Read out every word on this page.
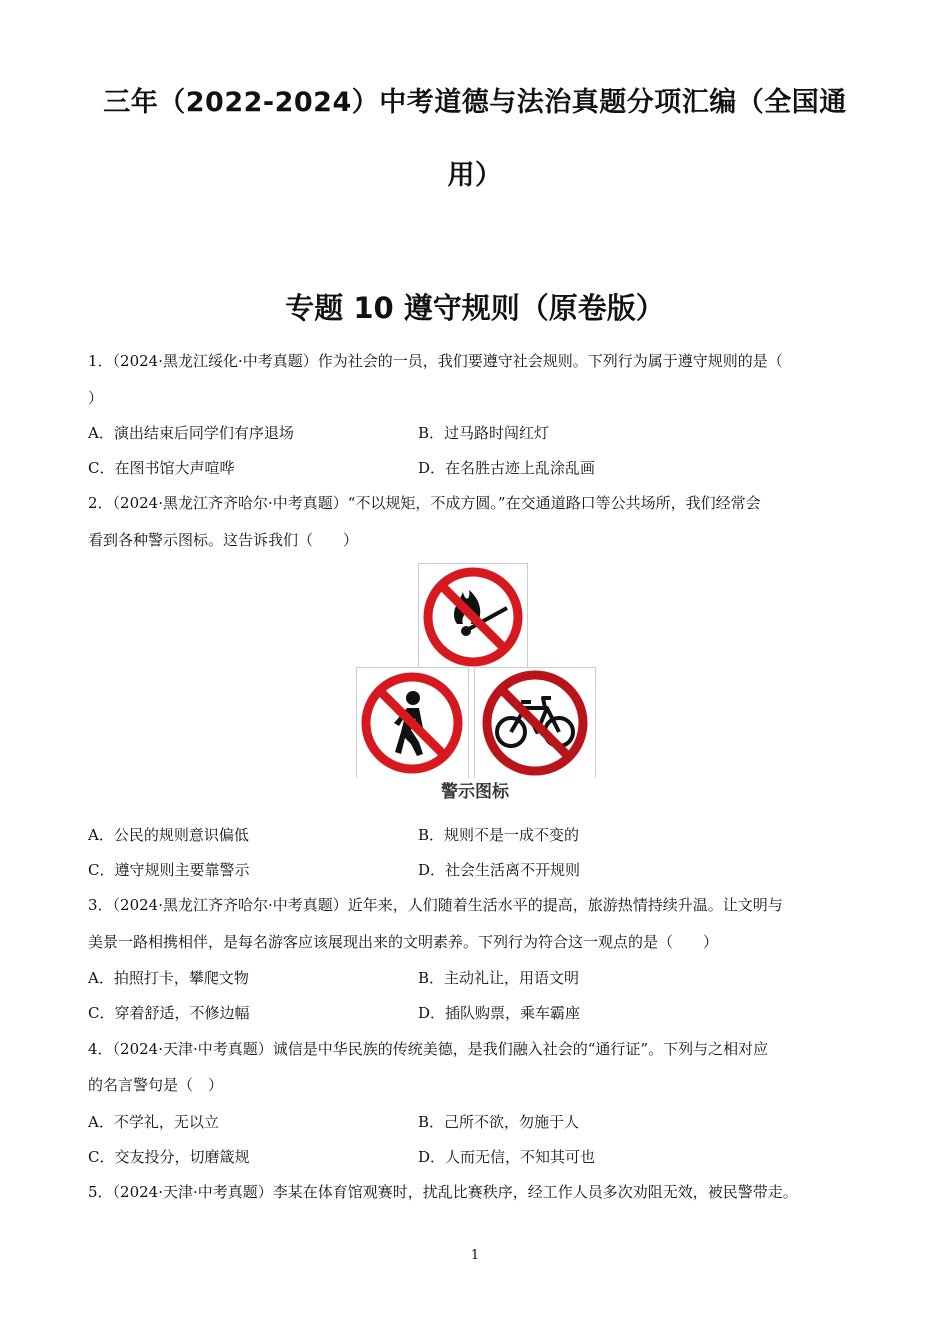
三年（2022-2024）中考道德与法治真题分项汇编（全国通
用）
专题 10 遵守规则（原卷版）
1．（2024·黑龙江绥化·中考真题）作为社会的一员，我们要遵守社会规则。下列行为属于遵守规则的是（
）
A．演出结束后同学们有序退场	B．过马路时闯红灯
C．在图书馆大声喧哗	D．在名胜古迹上乱涂乱画
2．（2024·黑龙江齐齐哈尔·中考真题）“不以规矩，不成方圆。”在交通道路口等公共场所，我们经常会
看到各种警示图标。这告诉我们（　　）
警示图标
A．公民的规则意识偏低	B．规则不是一成不变的
C．遵守规则主要靠警示	D．社会生活离不开规则
3．（2024·黑龙江齐齐哈尔·中考真题）近年来，人们随着生活水平的提高，旅游热情持续升温。让文明与
美景一路相携相伴，是每名游客应该展现出来的文明素养。下列行为符合这一观点的是（　　）
A．拍照打卡，攀爬文物	B．主动礼让，用语文明
C．穿着舒适，不修边幅	D．插队购票，乘车霸座
4．（2024·天津·中考真题）诚信是中华民族的传统美德，是我们融入社会的“通行证”。下列与之相对应
的名言警句是（　）
A．不学礼，无以立	B．己所不欲，勿施于人
C．交友投分，切磨箴规	D．人而无信，不知其可也
5．（2024·天津·中考真题）李某在体育馆观赛时，扰乱比赛秩序，经工作人员多次劝阻无效，被民警带走。
1
